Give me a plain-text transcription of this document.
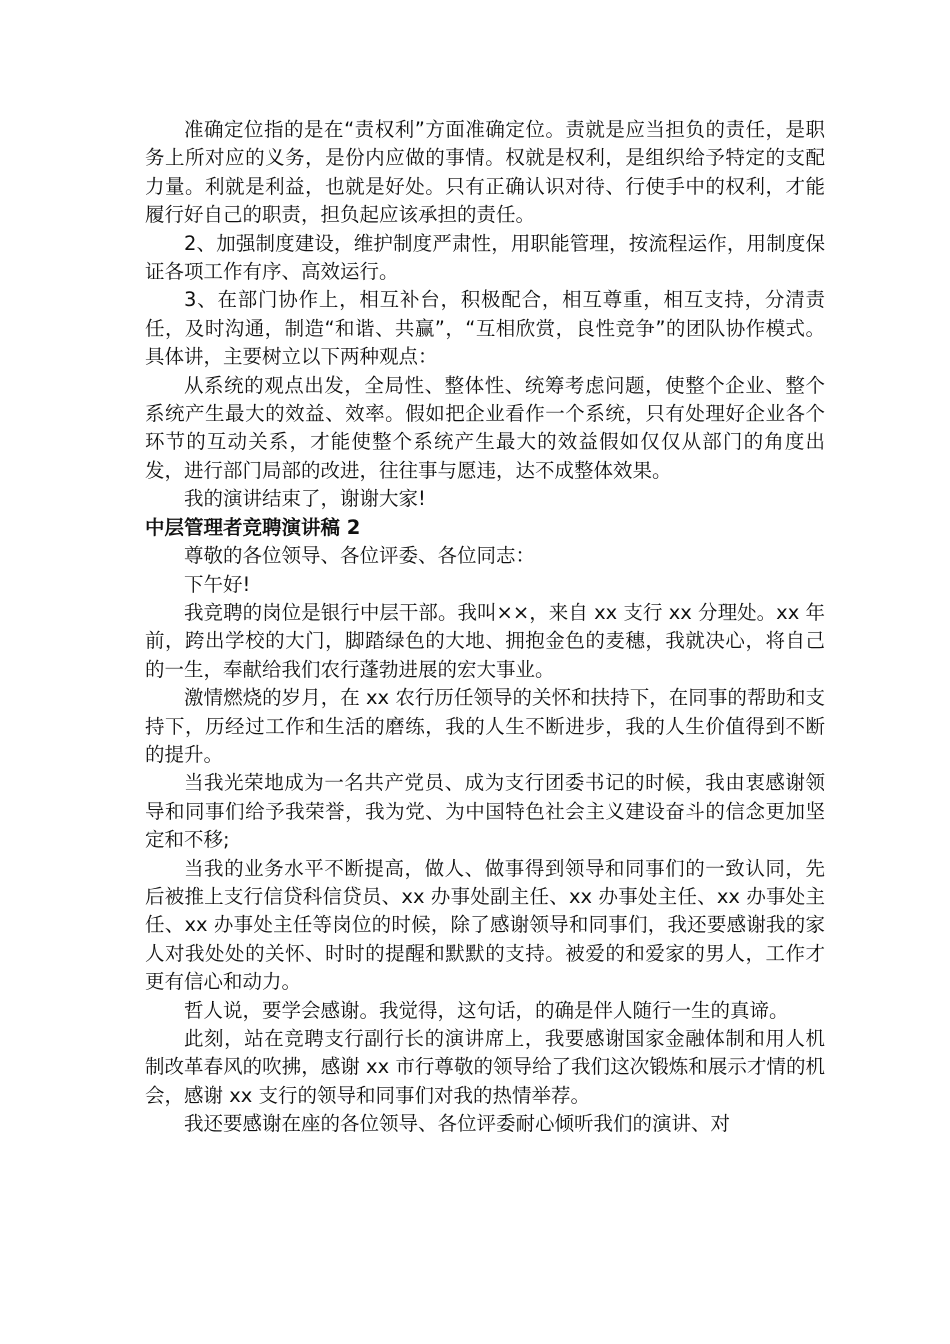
准确定位指的是在“责权利”方面准确定位。责就是应当担负的责任，是职务上所对应的义务，是份内应做的事情。权就是权利，是组织给予特定的支配力量。利就是利益，也就是好处。只有正确认识对待、行使手中的权利，才能履行好自己的职责，担负起应该承担的责任。

2、加强制度建设，维护制度严肃性，用职能管理，按流程运作，用制度保证各项工作有序、高效运行。

3、在部门协作上，相互补台，积极配合，相互尊重，相互支持，分清责任，及时沟通，制造“和谐、共赢”，“互相欣赏，良性竞争”的团队协作模式。具体讲，主要树立以下两种观点：

从系统的观点出发，全局性、整体性、统筹考虑问题，使整个企业、整个系统产生最大的效益、效率。假如把企业看作一个系统，只有处理好企业各个环节的互动关系，才能使整个系统产生最大的效益假如仅仅从部门的角度出发，进行部门局部的改进，往往事与愿违，达不成整体效果。

我的演讲结束了，谢谢大家!

中层管理者竞聘演讲稿 2

尊敬的各位领导、各位评委、各位同志：

下午好!

我竞聘的岗位是银行中层干部。我叫××，来自 xx 支行 xx 分理处。xx 年前，跨出学校的大门，脚踏绿色的大地、拥抱金色的麦穗，我就决心，将自己的一生，奉献给我们农行蓬勃进展的宏大事业。

激情燃烧的岁月，在 xx 农行历任领导的关怀和扶持下，在同事的帮助和支持下，历经过工作和生活的磨练，我的人生不断进步，我的人生价值得到不断的提升。

当我光荣地成为一名共产党员、成为支行团委书记的时候，我由衷感谢领导和同事们给予我荣誉，我为党、为中国特色社会主义建设奋斗的信念更加坚定和不移;

当我的业务水平不断提高，做人、做事得到领导和同事们的一致认同，先后被推上支行信贷科信贷员、xx 办事处副主任、xx 办事处主任、xx 办事处主任、xx 办事处主任等岗位的时候，除了感谢领导和同事们，我还要感谢我的家人对我处处的关怀、时时的提醒和默默的支持。被爱的和爱家的男人，工作才更有信心和动力。

哲人说，要学会感谢。我觉得，这句话，的确是伴人随行一生的真谛。

此刻，站在竞聘支行副行长的演讲席上，我要感谢国家金融体制和用人机制改革春风的吹拂，感谢 xx 市行尊敬的领导给了我们这次锻炼和展示才情的机会，感谢 xx 支行的领导和同事们对我的热情举荐。

我还要感谢在座的各位领导、各位评委耐心倾听我们的演讲、对
